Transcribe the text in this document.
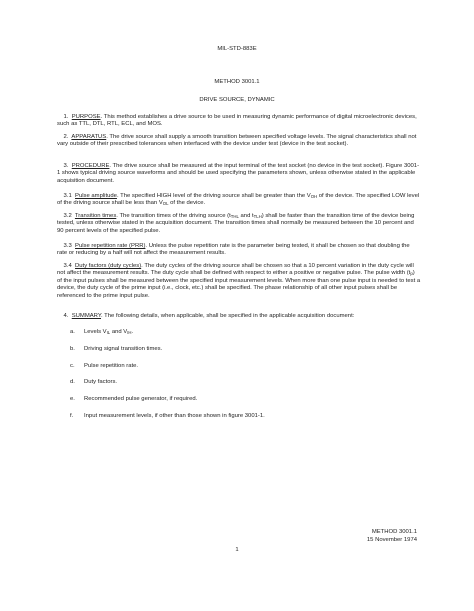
MIL-STD-883E
METHOD 3001.1
DRIVE SOURCE, DYNAMIC
1. PURPOSE. This method establishes a drive source to be used in measuring dynamic performance of digital microelectronic devices, such as TTL, DTL, RTL, ECL, and MOS.
2. APPARATUS. The drive source shall supply a smooth transition between specified voltage levels. The signal characteristics shall not vary outside of their prescribed tolerances when interfaced with the device under test (device in the test socket).
3. PROCEDURE. The drive source shall be measured at the input terminal of the test socket (no device in the test socket). Figure 3001-1 shows typical driving source waveforms and should be used specifying the parameters shown, unless otherwise stated in the applicable acquisition document.
3.1 Pulse amplitude. The specified HIGH level of the driving source shall be greater than the $V_{OH}$ of the device. The specified LOW level of the driving source shall be less than $V_{OL}$ of the device.
3.2 Transition times. The transition times of the driving source ($t_{THL}$ and $t_{TLH}$) shall be faster than the transition time of the device being tested, unless otherwise stated in the acquisition document. The transition times shall normally be measured between the 10 percent and 90 percent levels of the specified pulse.
3.3 Pulse repetition rate (PRR). Unless the pulse repetition rate is the parameter being tested, it shall be chosen so that doubling the rate or reducing by a half will not affect the measurement results.
3.4 Duty factors (duty cycles). The duty cycles of the driving source shall be chosen so that a 10 percent variation in the duty cycle will not affect the measurement results. The duty cycle shall be defined with respect to either a positive or negative pulse. The pulse width $(t_p)$ of the input pulses shall be measured between the specified input measurement levels. When more than one pulse input is needed to test a device, the duty cycle of the prime input (i.e., clock, etc.) shall be specified. The phase relationship of all other input pulses shall be referenced to the prime input pulse.
4. SUMMARY. The following details, when applicable, shall be specified in the applicable acquisition document:
a. Levels $V_{IL}$ and $V_{IH}$.
b. Driving signal transition times.
c. Pulse repetition rate.
d. Duty factors.
e. Recommended pulse generator, if required.
f. Input measurement levels, if other than those shown in figure 3001-1.
METHOD 3001.1
15 November 1974
1
